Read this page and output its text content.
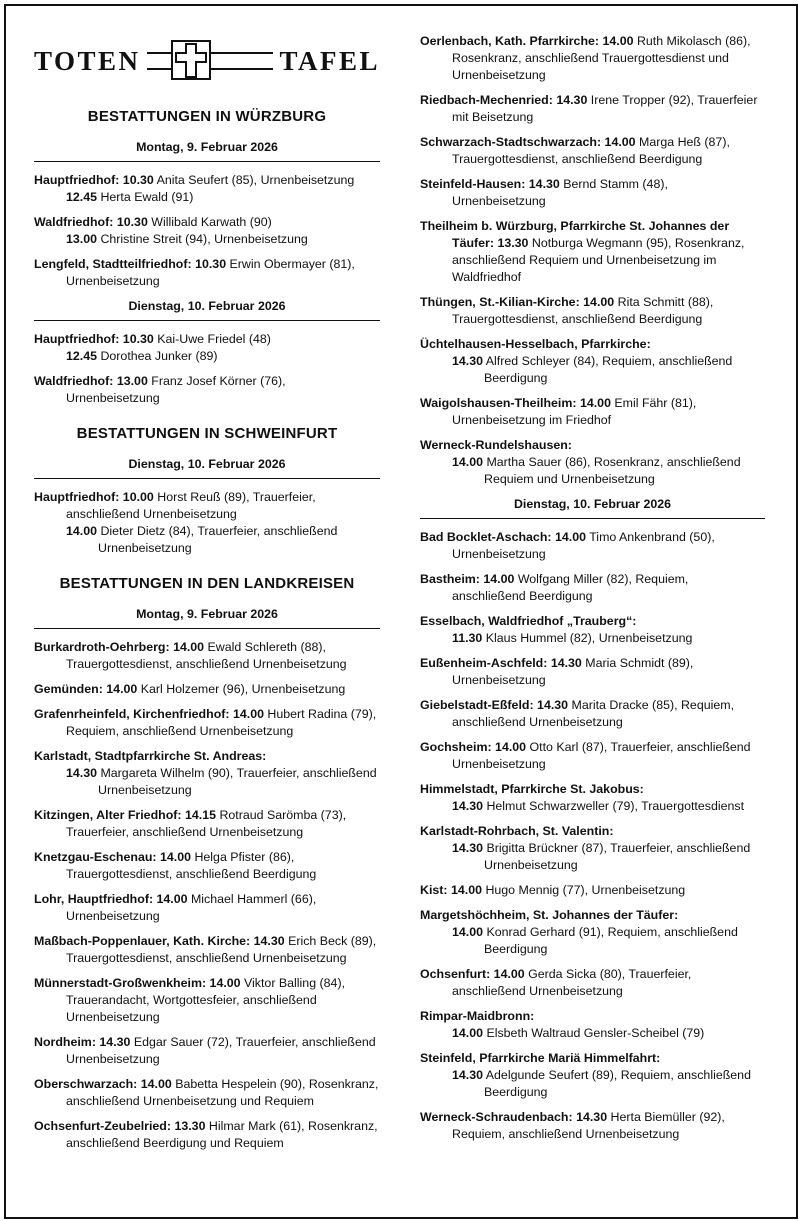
TOTEN	TAFEL
BESTATTUNGEN IN WÜRZBURG
Montag, 9. Februar 2026
Hauptfriedhof: 10.30 Anita Seufert (85), Urnenbeisetzung
12.45 Herta Ewald (91)
Waldfriedhof: 10.30 Willibald Karwath (90)
13.00 Christine Streit (94), Urnenbeisetzung
Lengfeld, Stadtteilfriedhof: 10.30 Erwin Obermayer (81), Urnenbeisetzung
Dienstag, 10. Februar 2026
Hauptfriedhof: 10.30 Kai-Uwe Friedel (48)
12.45 Dorothea Junker (89)
Waldfriedhof: 13.00 Franz Josef Körner (76), Urnenbeisetzung
BESTATTUNGEN IN SCHWEINFURT
Dienstag, 10. Februar 2026
Hauptfriedhof: 10.00 Horst Reuß (89), Trauerfeier, anschließend Urnenbeisetzung
14.00 Dieter Dietz (84), Trauerfeier, anschließend Urnenbeisetzung
BESTATTUNGEN IN DEN LANDKREISEN
Montag, 9. Februar 2026
Burkardroth-Oehrberg: 14.00 Ewald Schlereth (88), Trauergottesdienst, anschließend Urnenbeisetzung
Gemünden: 14.00 Karl Holzemer (96), Urnenbeisetzung
Grafenrheinfeld, Kirchenfriedhof: 14.00 Hubert Radina (79), Requiem, anschließend Urnenbeisetzung
Karlstadt, Stadtpfarrkirche St. Andreas:
14.30 Margareta Wilhelm (90), Trauerfeier, anschließend Urnenbeisetzung
Kitzingen, Alter Friedhof: 14.15 Rotraud Sarömba (73), Trauerfeier, anschließend Urnenbeisetzung
Knetzgau-Eschenau: 14.00 Helga Pfister (86), Trauergottesdienst, anschließend Beerdigung
Lohr, Hauptfriedhof: 14.00 Michael Hammerl (66), Urnenbeisetzung
Maßbach-Poppenlauer, Kath. Kirche: 14.30 Erich Beck (89), Trauergottesdienst, anschließend Urnenbeisetzung
Münnerstadt-Großwenkheim: 14.00 Viktor Balling (84), Trauerandacht, Wortgottesfeier, anschließend Urnenbeisetzung
Nordheim: 14.30 Edgar Sauer (72), Trauerfeier, anschließend Urnenbeisetzung
Oberschwarzach: 14.00 Babetta Hespelein (90), Rosenkranz, anschließend Urnenbeisetzung und Requiem
Ochsenfurt-Zeubelried: 13.30 Hilmar Mark (61), Rosenkranz, anschließend Beerdigung und Requiem
Oerlenbach, Kath. Pfarrkirche: 14.00 Ruth Mikolasch (86), Rosenkranz, anschließend Trauergottesdienst und Urnenbeisetzung
Riedbach-Mechenried: 14.30 Irene Tropper (92), Trauerfeier mit Beisetzung
Schwarzach-Stadtschwarzach: 14.00 Marga Heß (87), Trauergottesdienst, anschließend Beerdigung
Steinfeld-Hausen: 14.30 Bernd Stamm (48), Urnenbeisetzung
Theilheim b. Würzburg, Pfarrkirche St. Johannes der Täufer: 13.30 Notburga Wegmann (95), Rosenkranz, anschließend Requiem und Urnenbeisetzung im Waldfriedhof
Thüngen, St.-Kilian-Kirche: 14.00 Rita Schmitt (88), Trauergottesdienst, anschließend Beerdigung
Üchtelhausen-Hesselbach, Pfarrkirche:
14.30 Alfred Schleyer (84), Requiem, anschließend Beerdigung
Waigolshausen-Theilheim: 14.00 Emil Fähr (81), Urnenbeisetzung im Friedhof
Werneck-Rundelshausen:
14.00 Martha Sauer (86), Rosenkranz, anschließend Requiem und Urnenbeisetzung
Dienstag, 10. Februar 2026
Bad Bocklet-Aschach: 14.00 Timo Ankenbrand (50), Urnenbeisetzung
Bastheim: 14.00 Wolfgang Miller (82), Requiem, anschließend Beerdigung
Esselbach, Waldfriedhof „Trauberg“:
11.30 Klaus Hummel (82), Urnenbeisetzung
Eußenheim-Aschfeld: 14.30 Maria Schmidt (89), Urnenbeisetzung
Giebelstadt-Eßfeld: 14.30 Marita Dracke (85), Requiem, anschließend Urnenbeisetzung
Gochsheim: 14.00 Otto Karl (87), Trauerfeier, anschließend Urnenbeisetzung
Himmelstadt, Pfarrkirche St. Jakobus:
14.30 Helmut Schwarzweller (79), Trauergottesdienst
Karlstadt-Rohrbach, St. Valentin:
14.30 Brigitta Brückner (87), Trauerfeier, anschließend Urnenbeisetzung
Kist: 14.00 Hugo Mennig (77), Urnenbeisetzung
Margetshöchheim, St. Johannes der Täufer:
14.00 Konrad Gerhard (91), Requiem, anschließend Beerdigung
Ochsenfurt: 14.00 Gerda Sicka (80), Trauerfeier, anschließend Urnenbeisetzung
Rimpar-Maidbronn:
14.00 Elsbeth Waltraud Gensler-Scheibel (79)
Steinfeld, Pfarrkirche Mariä Himmelfahrt:
14.30 Adelgunde Seufert (89), Requiem, anschließend Beerdigung
Werneck-Schraudenbach: 14.30 Herta Biemüller (92), Requiem, anschließend Urnenbeisetzung
